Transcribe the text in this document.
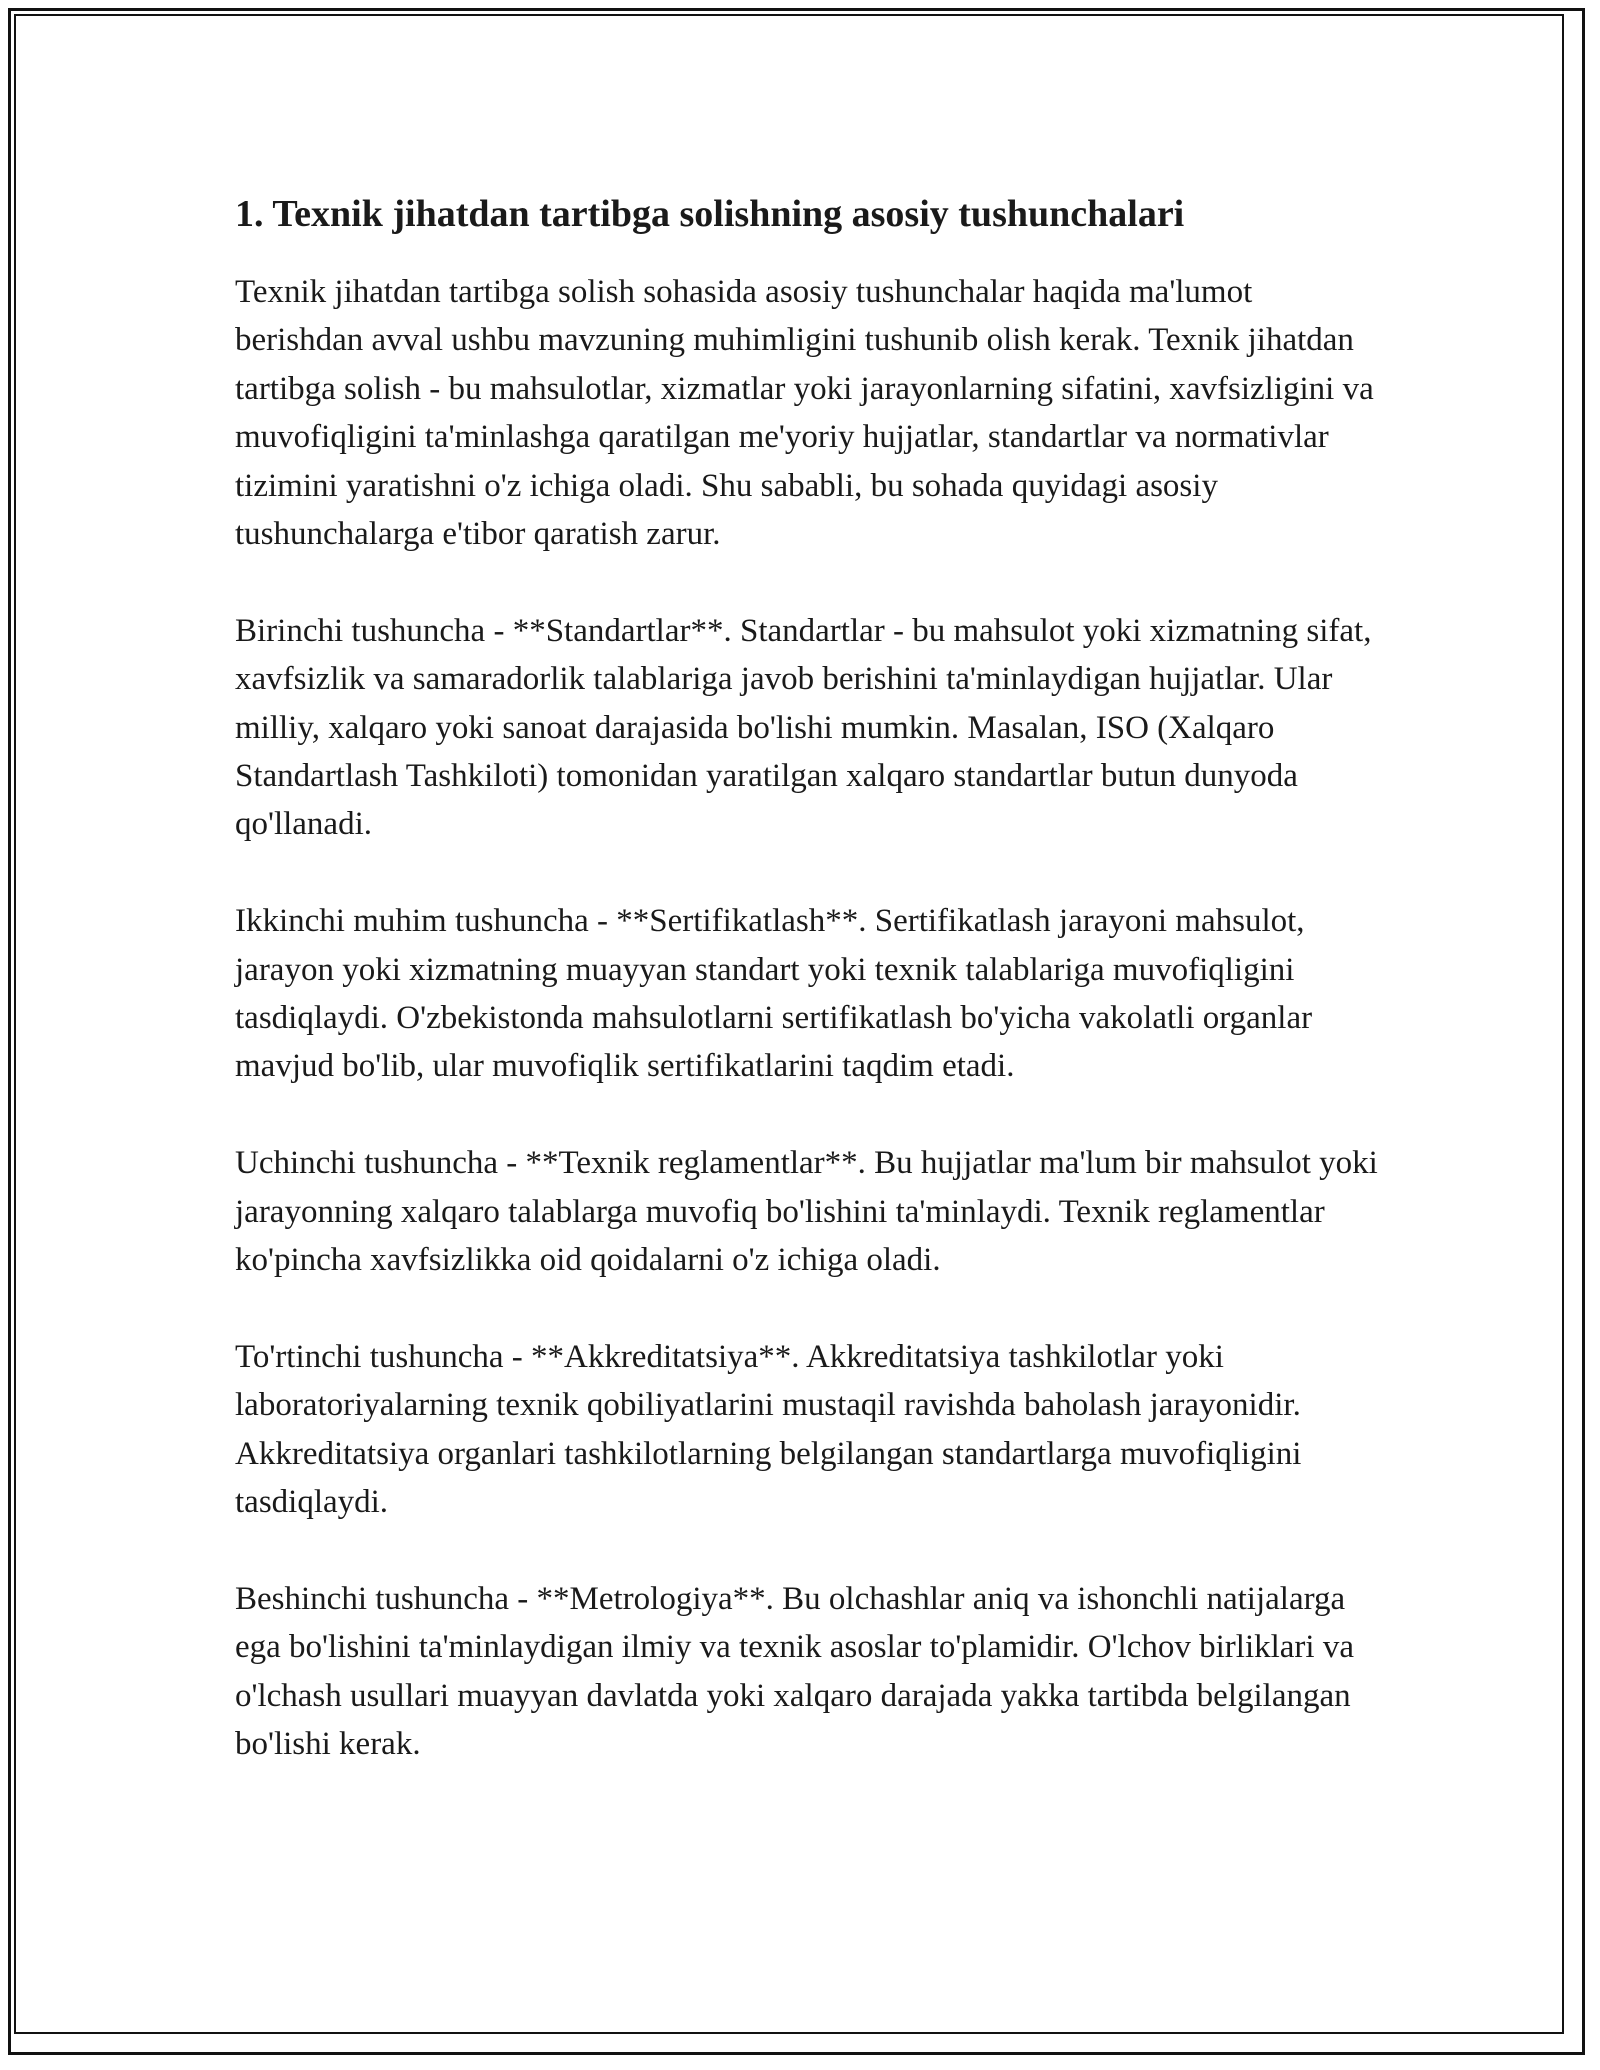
1. Texnik jihatdan tartibga solishning asosiy tushunchalari

Texnik jihatdan tartibga solish sohasida asosiy tushunchalar haqida ma'lumot berishdan avval ushbu mavzuning muhimligini tushunib olish kerak. Texnik jihatdan tartibga solish - bu mahsulotlar, xizmatlar yoki jarayonlarning sifatini, xavfsizligini va muvofiqligini ta'minlashga qaratilgan me'yoriy hujjatlar, standartlar va normativlar tizimini yaratishni o'z ichiga oladi. Shu sababli, bu sohada quyidagi asosiy tushunchalarga e'tibor qaratish zarur.

Birinchi tushuncha - **Standartlar**. Standartlar - bu mahsulot yoki xizmatning sifat, xavfsizlik va samaradorlik talablariga javob berishini ta'minlaydigan hujjatlar. Ular milliy, xalqaro yoki sanoat darajasida bo'lishi mumkin. Masalan, ISO (Xalqaro Standartlash Tashkiloti) tomonidan yaratilgan xalqaro standartlar butun dunyoda qo'llanadi.

Ikkinchi muhim tushuncha - **Sertifikatlash**. Sertifikatlash jarayoni mahsulot, jarayon yoki xizmatning muayyan standart yoki texnik talablariga muvofiqligini tasdiqlaydi. O'zbekistonda mahsulotlarni sertifikatlash bo'yicha vakolatli organlar mavjud bo'lib, ular muvofiqlik sertifikatlarini taqdim etadi.

Uchinchi tushuncha - **Texnik reglamentlar**. Bu hujjatlar ma'lum bir mahsulot yoki jarayonning xalqaro talablarga muvofiq bo'lishini ta'minlaydi. Texnik reglamentlar ko'pincha xavfsizlikka oid qoidalarni o'z ichiga oladi.

To'rtinchi tushuncha - **Akkreditatsiya**. Akkreditatsiya tashkilotlar yoki laboratoriyalarning texnik qobiliyatlarini mustaqil ravishda baholash jarayonidir. Akkreditatsiya organlari tashkilotlarning belgilangan standartlarga muvofiqligini tasdiqlaydi.

Beshinchi tushuncha - **Metrologiya**. Bu olchashlar aniq va ishonchli natijalarga ega bo'lishini ta'minlaydigan ilmiy va texnik asoslar to'plamidir. O'lchov birliklari va o'lchash usullari muayyan davlatda yoki xalqaro darajada yakka tartibda belgilangan bo'lishi kerak.
